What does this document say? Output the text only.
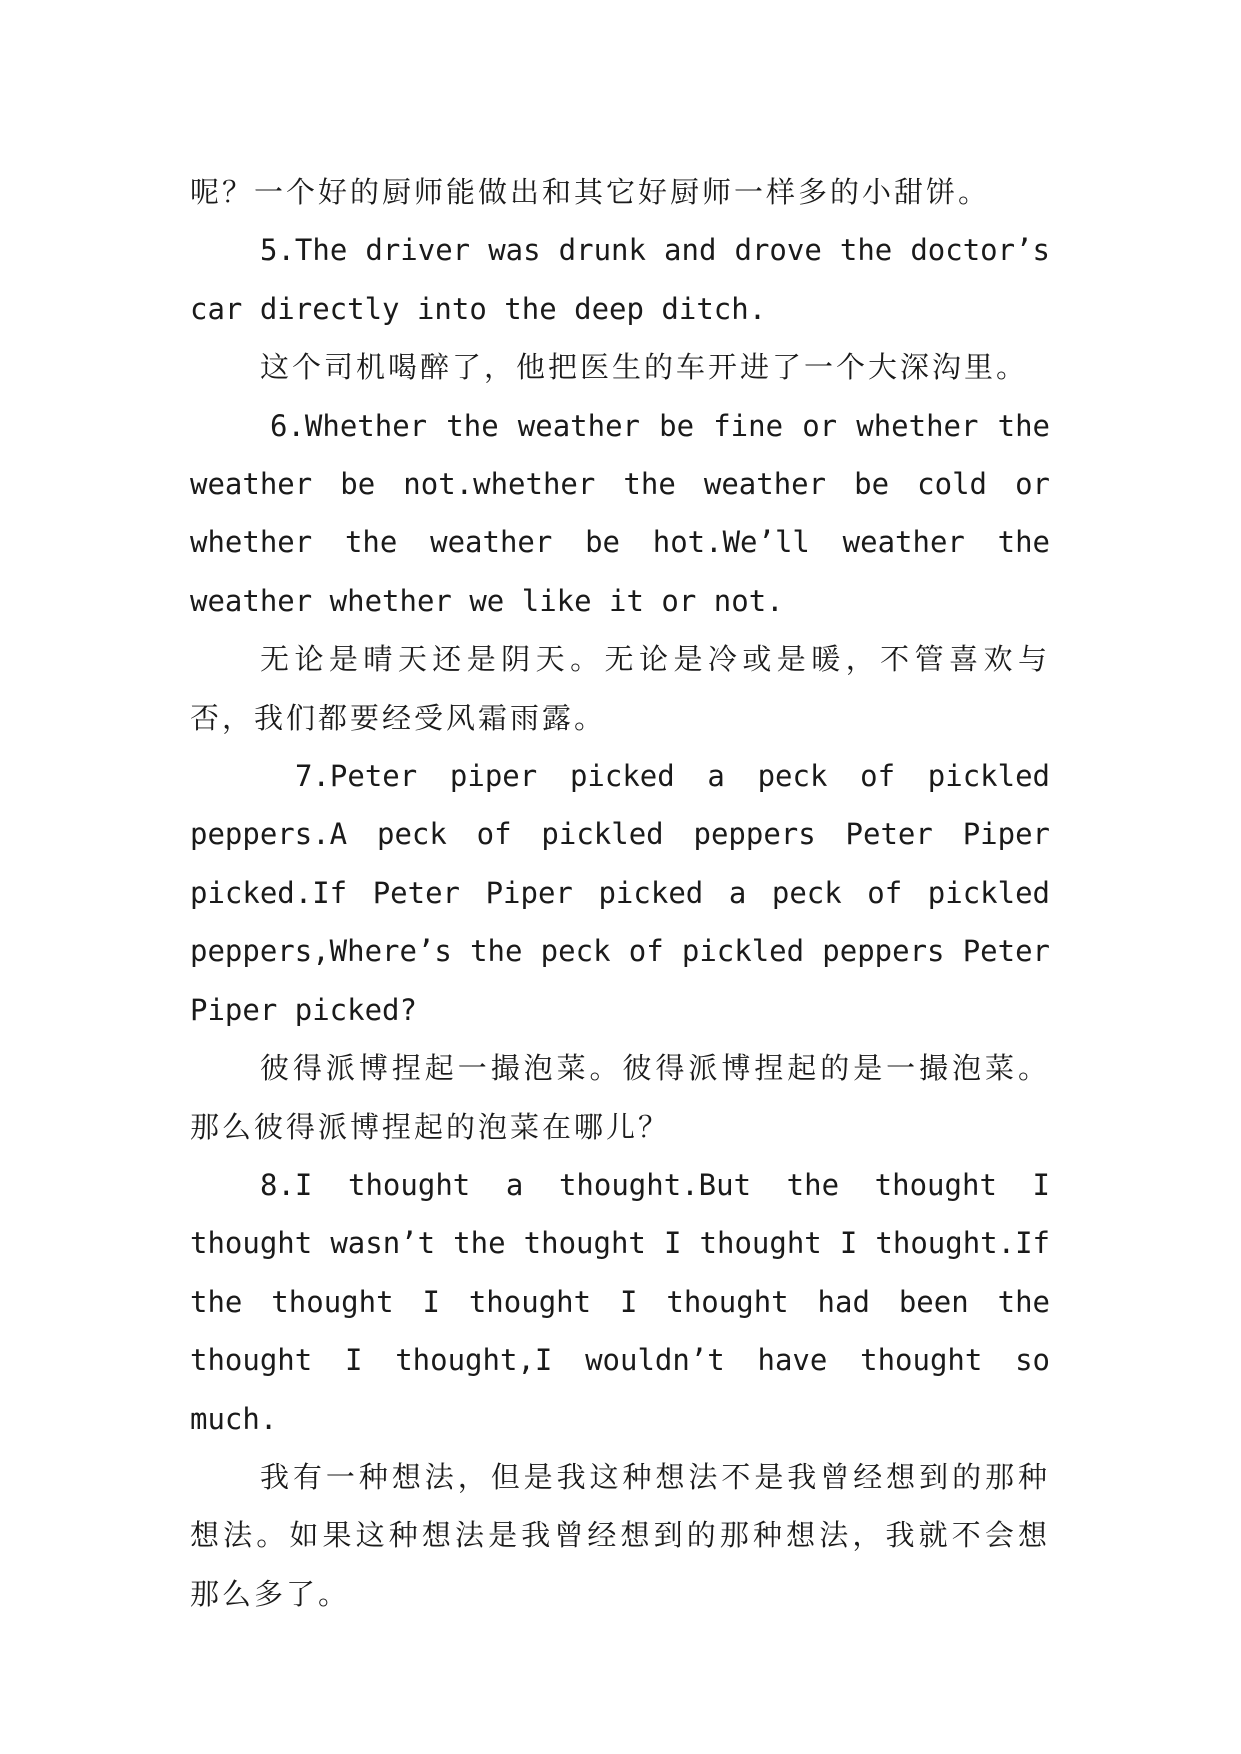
呢？一个好的厨师能做出和其它好厨师一样多的小甜饼。

5.The driver was drunk and drove the doctor’s car directly into the deep ditch.

这个司机喝醉了，他把医生的车开进了一个大深沟里。

6.Whether the weather be fine or whether the weather be not.whether the weather be cold or whether the weather be hot.We’ll weather the weather whether we like it or not.

无论是晴天还是阴天。无论是冷或是暖，不管喜欢与否，我们都要经受风霜雨露。

7.Peter piper picked a peck of pickled peppers.A peck of pickled peppers Peter Piper picked.If Peter Piper picked a peck of pickled peppers,Where’s the peck of pickled peppers Peter Piper picked?

彼得派博捏起一撮泡菜。彼得派博捏起的是一撮泡菜。那么彼得派博捏起的泡菜在哪儿？

8.I thought a thought.But the thought I thought wasn’t the thought I thought I thought.If the thought I thought I thought had been the thought I thought,I wouldn’t have thought so much.

我有一种想法，但是我这种想法不是我曾经想到的那种想法。如果这种想法是我曾经想到的那种想法，我就不会想那么多了。
